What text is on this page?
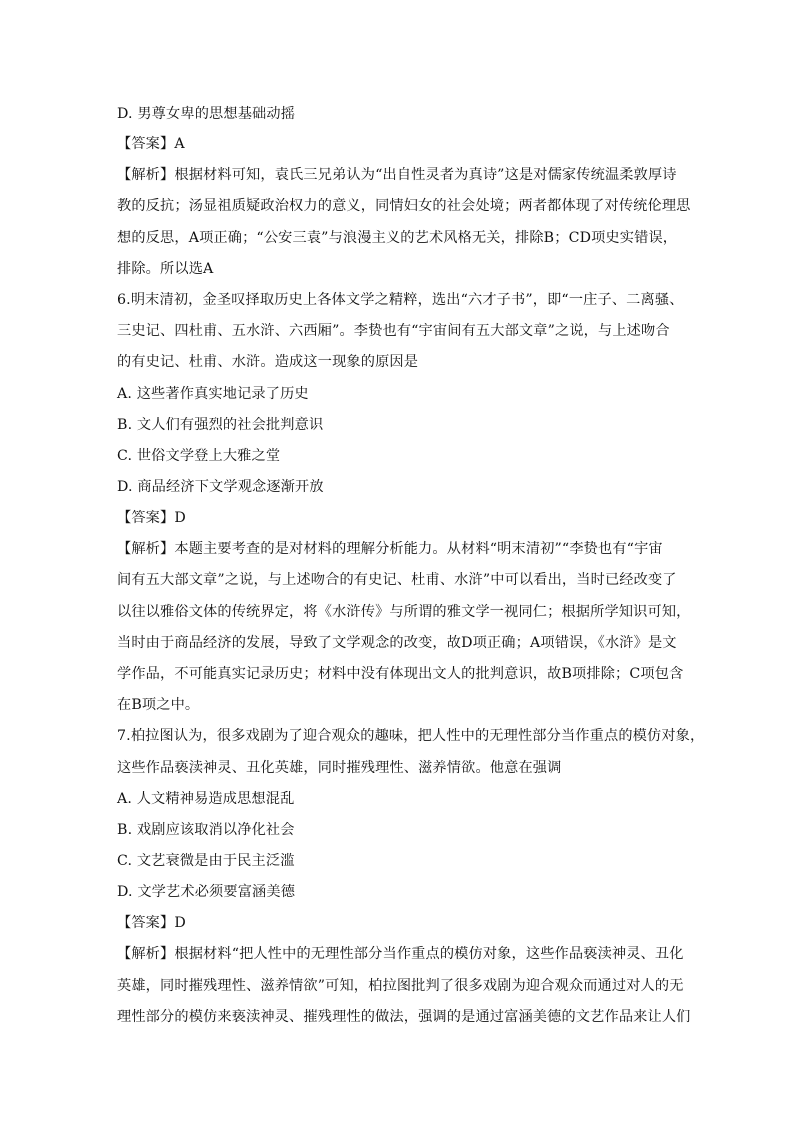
D. 男尊女卑的思想基础动摇
【答案】A
【解析】根据材料可知，袁氏三兄弟认为“出自性灵者为真诗”这是对儒家传统温柔敦厚诗
教的反抗；汤显祖质疑政治权力的意义，同情妇女的社会处境；两者都体现了对传统伦理思
想的反思，A项正确；“公安三袁”与浪漫主义的艺术风格无关，排除B；CD项史实错误，
排除。所以选A
6.明末清初，金圣叹择取历史上各体文学之精粹，选出“六才子书”，即“一庄子、二离骚、
三史记、四杜甫、五水浒、六西厢”。李贽也有“宇宙间有五大部文章”之说，与上述吻合
的有史记、杜甫、水浒。造成这一现象的原因是
A. 这些著作真实地记录了历史
B. 文人们有强烈的社会批判意识
C. 世俗文学登上大雅之堂
D. 商品经济下文学观念逐渐开放
【答案】D
【解析】本题主要考查的是对材料的理解分析能力。从材料“明末清初”“李贽也有“宇宙
间有五大部文章”之说，与上述吻合的有史记、杜甫、水浒”中可以看出，当时已经改变了
以往以雅俗文体的传统界定，将《水浒传》与所谓的雅文学一视同仁；根据所学知识可知，
当时由于商品经济的发展，导致了文学观念的改变，故D项正确；A项错误，《水浒》是文
学作品，不可能真实记录历史；材料中没有体现出文人的批判意识，故B项排除；C项包含
在B项之中。
7.柏拉图认为，很多戏剧为了迎合观众的趣味，把人性中的无理性部分当作重点的模仿对象，
这些作品亵渎神灵、丑化英雄，同时摧残理性、滋养情欲。他意在强调
A. 人文精神易造成思想混乱
B. 戏剧应该取消以净化社会
C. 文艺衰微是由于民主泛滥
D. 文学艺术必须要富涵美德
【答案】D
【解析】根据材料“把人性中的无理性部分当作重点的模仿对象，这些作品亵渎神灵、丑化
英雄，同时摧残理性、滋养情欲”可知，柏拉图批判了很多戏剧为迎合观众而通过对人的无
理性部分的模仿来亵渎神灵、摧残理性的做法，强调的是通过富涵美德的文艺作品来让人们
